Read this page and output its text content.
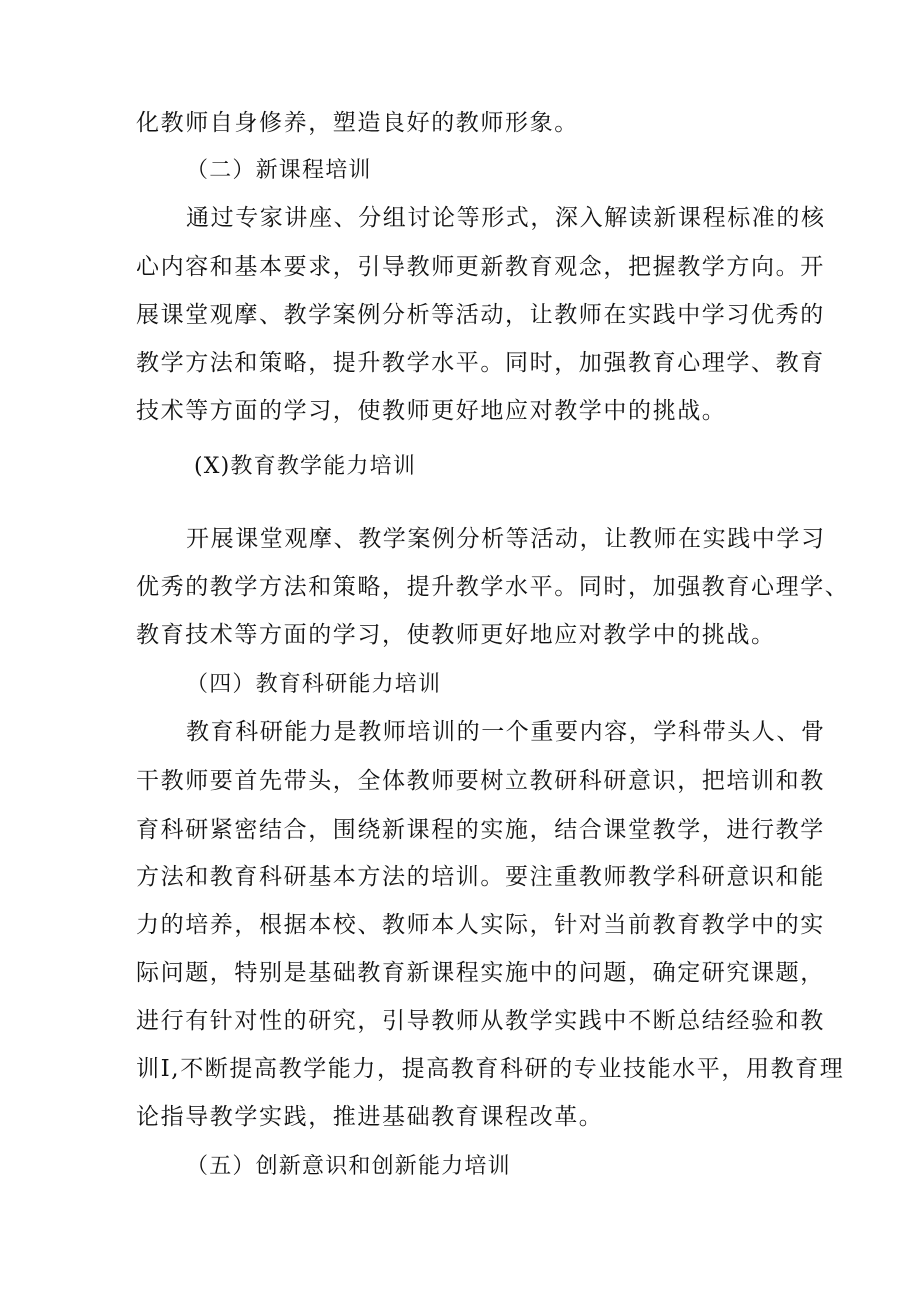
化教师自身修养，塑造良好的教师形象。
（二）新课程培训
通过专家讲座、分组讨论等形式，深入解读新课程标准的核
心内容和基本要求，引导教师更新教育观念，把握教学方向。开
展课堂观摩、教学案例分析等活动，让教师在实践中学习优秀的
教学方法和策略，提升教学水平。同时，加强教育心理学、教育
技术等方面的学习，使教师更好地应对教学中的挑战。
(X)教育教学能力培训
开展课堂观摩、教学案例分析等活动，让教师在实践中学习
优秀的教学方法和策略，提升教学水平。同时，加强教育心理学、
教育技术等方面的学习，使教师更好地应对教学中的挑战。
（四）教育科研能力培训
教育科研能力是教师培训的一个重要内容，学科带头人、骨
干教师要首先带头，全体教师要树立教研科研意识，把培训和教
育科研紧密结合，围绕新课程的实施，结合课堂教学，进行教学
方法和教育科研基本方法的培训。要注重教师教学科研意识和能
力的培养，根据本校、教师本人实际，针对当前教育教学中的实
际问题，特别是基础教育新课程实施中的问题，确定研究课题，
进行有针对性的研究，引导教师从教学实践中不断总结经验和教
训I,不断提高教学能力，提高教育科研的专业技能水平，用教育理
论指导教学实践，推进基础教育课程改革。
（五）创新意识和创新能力培训
